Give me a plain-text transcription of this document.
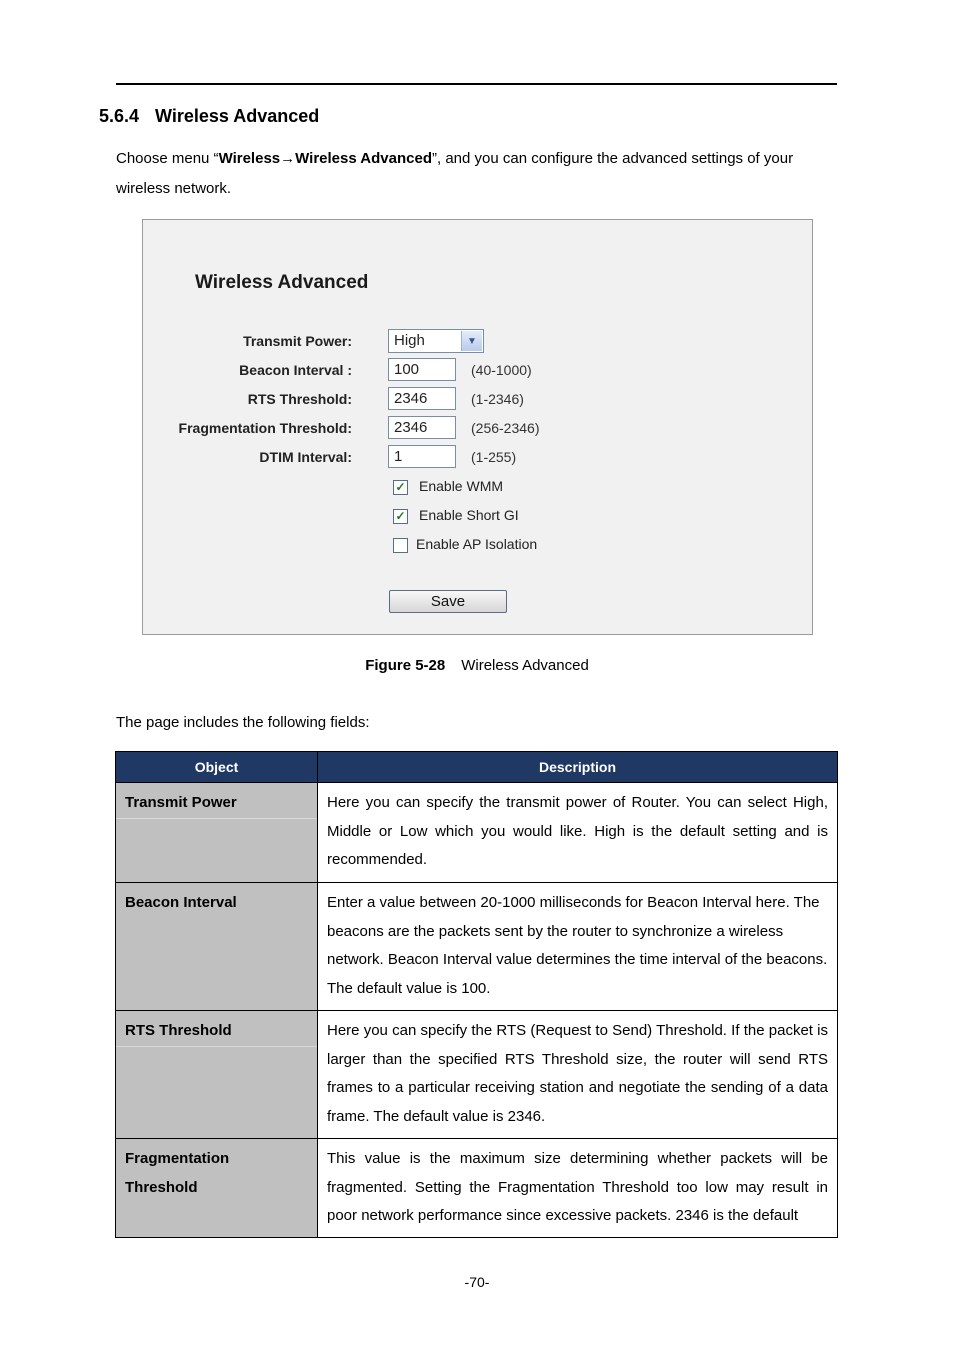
5.6.4 Wireless Advanced
Choose menu “Wireless→Wireless Advanced”, and you can configure the advanced settings of your wireless network.
Wireless Advanced
Transmit Power:	High	▼
Beacon Interval :
100	(40-1000)
RTS Threshold:
2346	(1-2346)
Fragmentation Threshold:
2346	(256-2346)
DTIM Interval:
1	(1-255)
✓ Enable WMM
✓ Enable Short GI
Enable AP Isolation
Save
Figure 5-28 Wireless Advanced
The page includes the following fields:
Object	Description
Transmit Power	Here you can specify the transmit power of Router. You can select High, Middle or Low which you would like. High is the default setting and is recommended.
Beacon Interval	Enter a value between 20-1000 milliseconds for Beacon Interval here. The beacons are the packets sent by the router to synchronize a wireless network. Beacon Interval value determines the time interval of the beacons. The default value is 100.
RTS Threshold	Here you can specify the RTS (Request to Send) Threshold. If the packet is larger than the specified RTS Threshold size, the router will send RTS frames to a particular receiving station and negotiate the sending of a data frame. The default value is 2346.

Fragmentation Threshold	This value is the maximum size determining whether packets will be fragmented. Setting the Fragmentation Threshold too low may result in poor network performance since excessive packets. 2346 is the default
-70-
